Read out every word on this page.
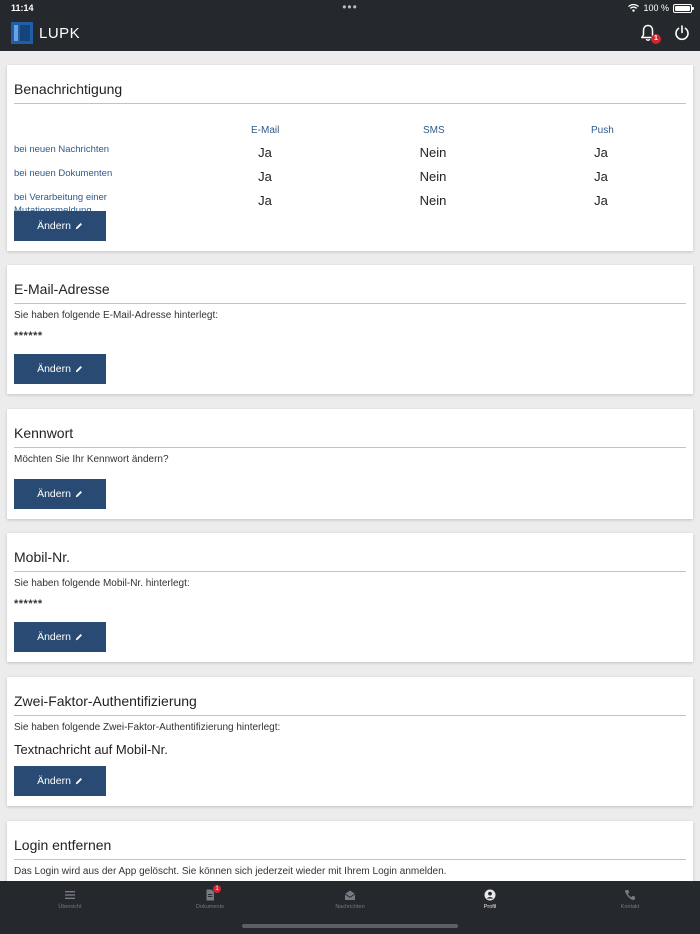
11:14	•••	100 %
LUPK	1
Benachrichtigung
E-Mail	SMS	Push
bei neuen Nachrichten	Ja	Nein	Ja
bei neuen Dokumenten	Ja	Nein	Ja
bei Verarbeitung einer	Ja	Nein	Ja
Ändern
E-Mail-Adresse
Sie haben folgende E-Mail-Adresse hinterlegt:
******
Ändern
Kennwort
Möchten Sie Ihr Kennwort ändern?
Ändern
Mobil-Nr.
Sie haben folgende Mobil-Nr. hinterlegt:
******
Ändern
Zwei-Faktor-Authentifizierung
Sie haben folgende Zwei-Faktor-Authentifizierung hinterlegt:
Textnachricht auf Mobil-Nr.
Ändern
Login entfernen
Das Login wird aus der App gelöscht. Sie können sich jederzeit wieder mit Ihrem Login anmelden.
Übersicht
1
Dokumente	Nachrichten	Profil	Kontakt
